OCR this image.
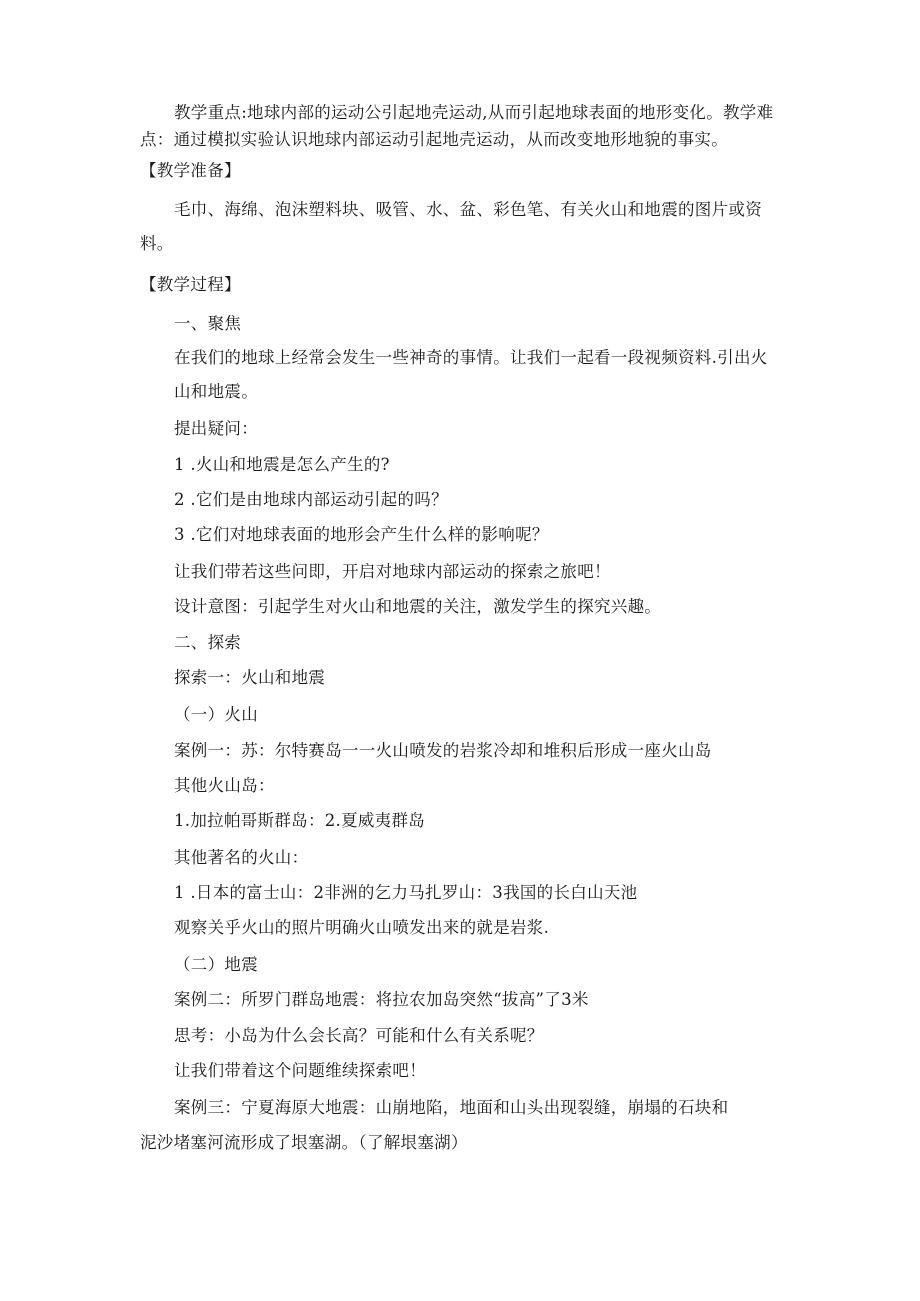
教学重点:地球内部的运动公引起地壳运动,从而引起地球表面的地形变化。教学难
点：通过模拟实验认识地球内部运动引起地壳运动，从而改变地形地貌的事实。
【教学准备】
毛巾、海绵、泡沫塑料块、吸管、水、盆、彩色笔、有关火山和地震的图片或资
料。
【教学过程】
一、聚焦
在我们的地球上经常会发生一些神奇的事情。让我们一起看一段视频资料.引出火
山和地震。
提出疑问：
1 .火山和地震是怎么产生的?
2 .它们是由地球内部运动引起的吗？
3 .它们对地球表面的地形会产生什么样的影响呢？
让我们带若这些问即，开启对地球内部运动的探索之旅吧！
设计意图：引起学生对火山和地震的关注，激发学生的探究兴趣。
二、探索
探索一：火山和地震
（一）火山
案例一：苏：尔特赛岛一一火山喷发的岩浆冷却和堆积后形成一座火山岛
其他火山岛：
1.加拉帕哥斯群岛：2.夏威夷群岛
其他著名的火山：
1 .日本的富士山：2非洲的乞力马扎罗山：3我国的长白山天池
观察关乎火山的照片明确火山喷发出来的就是岩浆.
（二）地震
案例二：所罗门群岛地震：将拉农加岛突然“拔高”了3米
思考：小岛为什么会长高？可能和什么有关系呢？
让我们带着这个问题维续探索吧！
案例三：宁夏海原大地震：山崩地陷，地面和山头出现裂缝，崩塌的石块和
泥沙堵塞河流形成了垠塞湖。（了解垠塞湖）
